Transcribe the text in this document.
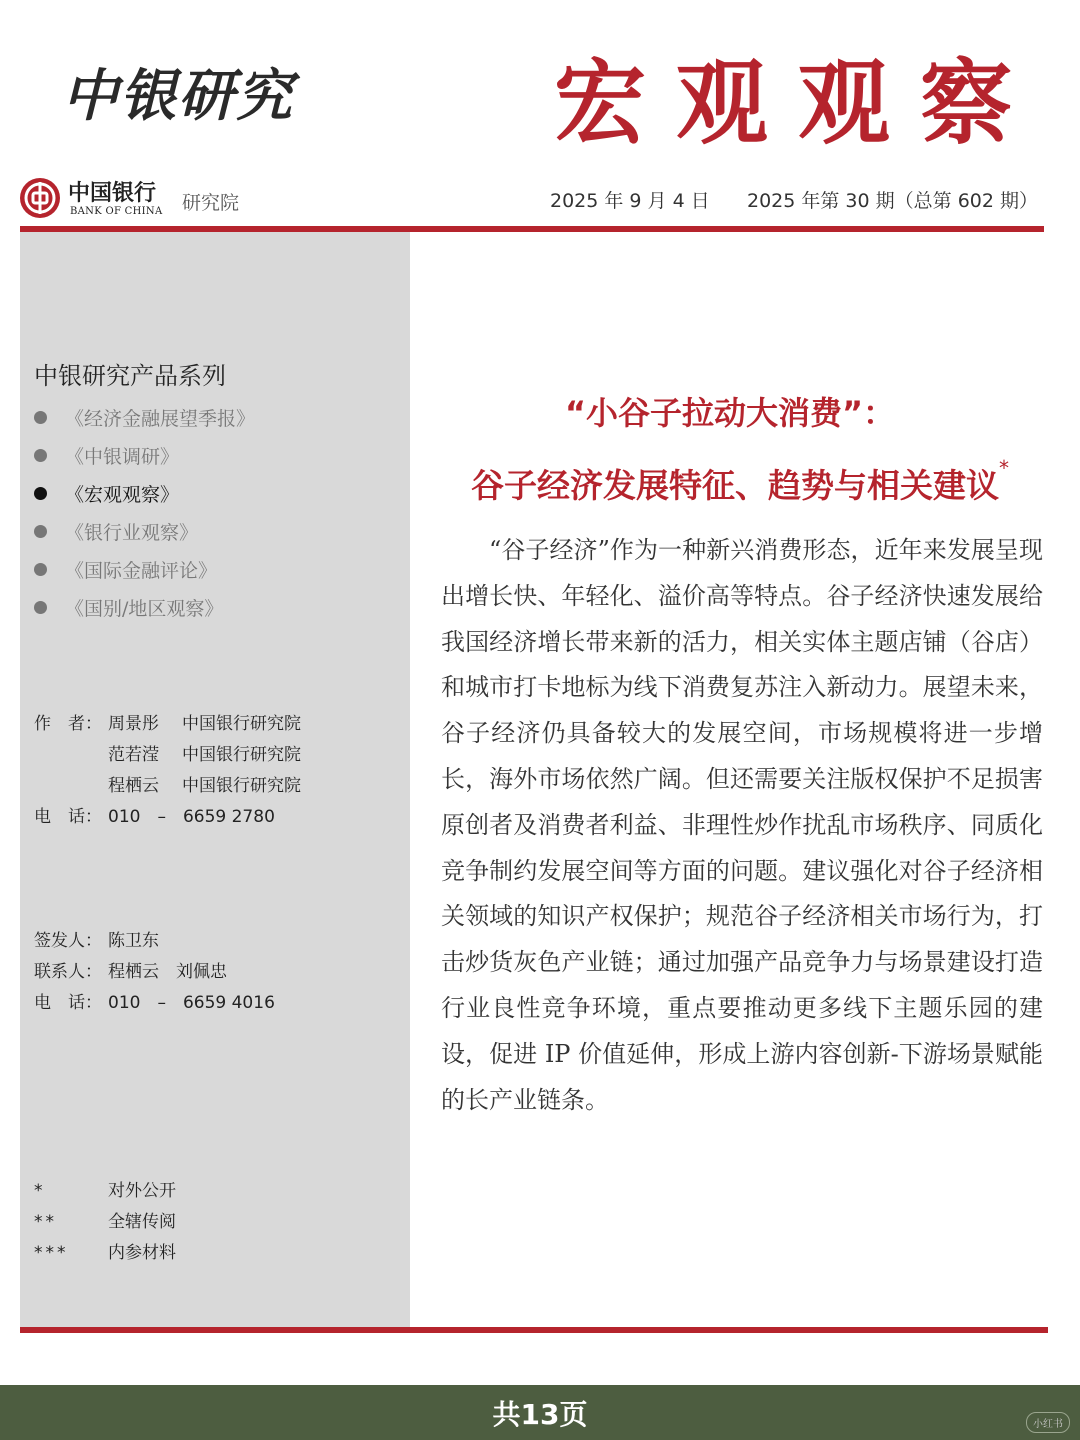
中银研究	宏观观察
中国银行
BANK OF CHINA 研究院	2025 年 9 月 4 日 2025 年第 30 期（总第 602 期）
中银研究产品系列
《经济金融展望季报》
《中银调研》
《宏观观察》
《银行业观察》
《国际金融评论》
《国别/地区观察》
作　者： 周景彤	中国银行研究院
范若滢	中国银行研究院
程栖云	中国银行研究院
电　话： 010　–　6659 2780
签发人： 陈卫东
联系人： 程栖云　刘佩忠
电　话： 010　–　6659 4016
*	对外公开
**	全辖传阅
***	内参材料
“小谷子拉动大消费”：
谷子经济发展特征、趋势与相关建议*

“谷子经济”作为一种新兴消费形态，近年来发展呈现出增长快、年轻化、溢价高等特点。谷子经济快速发展给我国经济增长带来新的活力，相关实体主题店铺（谷店）和城市打卡地标为线下消费复苏注入新动力。展望未来，谷子经济仍具备较大的发展空间，市场规模将进一步增长，海外市场依然广阔。但还需要关注版权保护不足损害原创者及消费者利益、非理性炒作扰乱市场秩序、同质化竞争制约发展空间等方面的问题。建议强化对谷子经济相关领域的知识产权保护；规范谷子经济相关市场行为，打击炒货灰色产业链；通过加强产品竞争力与场景建设打造行业良性竞争环境，重点要推动更多线下主题乐园的建设，促进 IP 价值延伸，形成上游内容创新-下游场景赋能的长产业链条。

共13页	小红书
